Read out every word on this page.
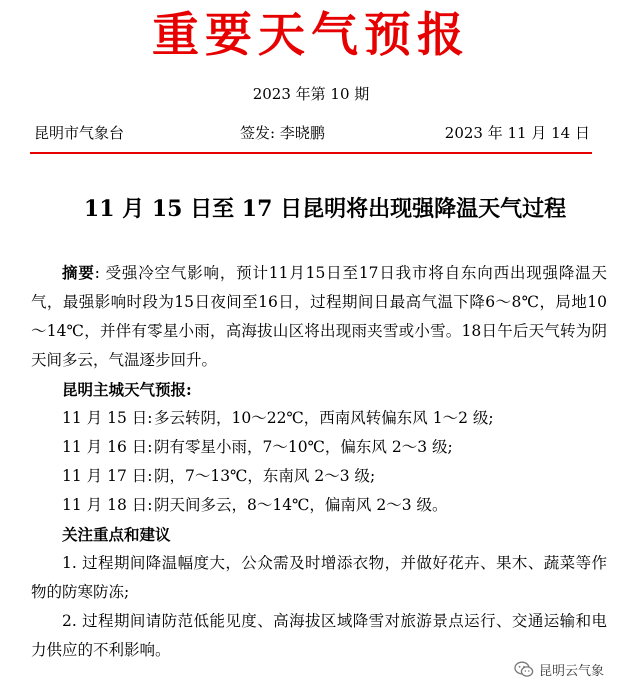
重要天气预报
2023 年第 10 期
昆明市气象台	签发: 李晓鹏	2023 年 11 月 14 日
11 月 15 日至 17 日昆明将出现强降温天气过程

摘要: 受强冷空气影响，预计11月15日至17日我市将自东向西出现强降温天气，最强影响时段为15日夜间至16日，过程期间日最高气温下降6～8℃，局地10～14℃，并伴有零星小雨，高海拔山区将出现雨夹雪或小雪。18日午后天气转为阴天间多云，气温逐步回升。

昆明主城天气预报:

11 月 15 日: 多云转阴，10～22℃，西南风转偏东风 1～2 级;

11 月 16 日: 阴有零星小雨，7～10℃，偏东风 2～3 级;

11 月 17 日: 阴，7～13℃，东南风 2～3 级;

11 月 18 日: 阴天间多云，8～14℃，偏南风 2～3 级。

关注重点和建议

1. 过程期间降温幅度大，公众需及时增添衣物，并做好花卉、果木、蔬菜等作物的防寒防冻;

2. 过程期间请防范低能见度、高海拔区域降雪对旅游景点运行、交通运输和电力供应的不利影响。

昆明云气象
